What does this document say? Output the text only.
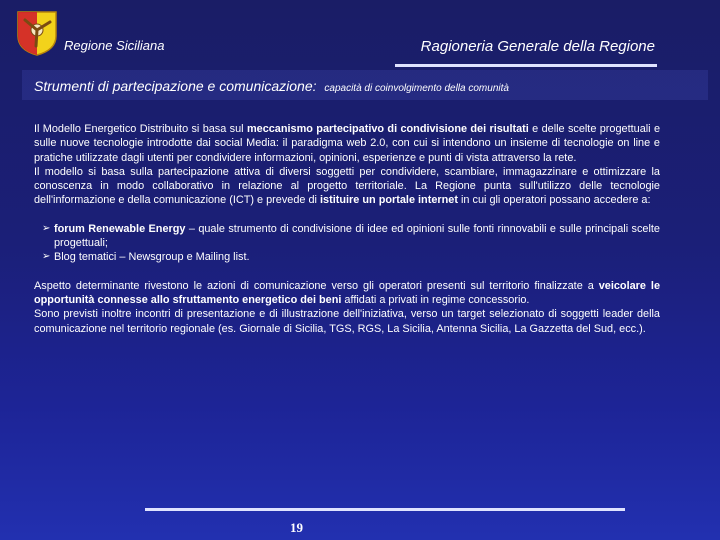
Regione Siciliana	Ragioneria Generale della Regione
Strumenti di partecipazione e comunicazione: capacità di coinvolgimento della comunità

Il Modello Energetico Distribuito si basa sul meccanismo partecipativo di condivisione dei risultati e delle scelte progettuali e sulle nuove tecnologie introdotte dai social Media: il paradigma web 2.0, con cui si intendono un insieme di tecnologie on line e pratiche utilizzate dagli utenti per condividere informazioni, opinioni, esperienze e punti di vista attraverso la rete.

Il modello si basa sulla partecipazione attiva di diversi soggetti per condividere, scambiare, immagazzinare e ottimizzare la conoscenza in modo collaborativo in relazione al progetto territoriale. La Regione punta sull'utilizzo delle tecnologie dell'informazione e della comunicazione (ICT) e prevede di istituire un portale internet in cui gli operatori possano accedere a:

➢ forum Renewable Energy – quale strumento di condivisione di idee ed opinioni sulle fonti rinnovabili e sulle principali scelte progettuali;
➢ Blog tematici – Newsgroup e Mailing list.

Aspetto determinante rivestono le azioni di comunicazione verso gli operatori presenti sul territorio finalizzate a veicolare le opportunità connesse allo sfruttamento energetico dei beni affidati a privati in regime concessorio.

Sono previsti inoltre incontri di presentazione e di illustrazione dell'iniziativa, verso un target selezionato di soggetti leader della comunicazione nel territorio regionale (es. Giornale di Sicilia, TGS, RGS, La Sicilia, Antenna Sicilia, La Gazzetta del Sud, ecc.).

19
